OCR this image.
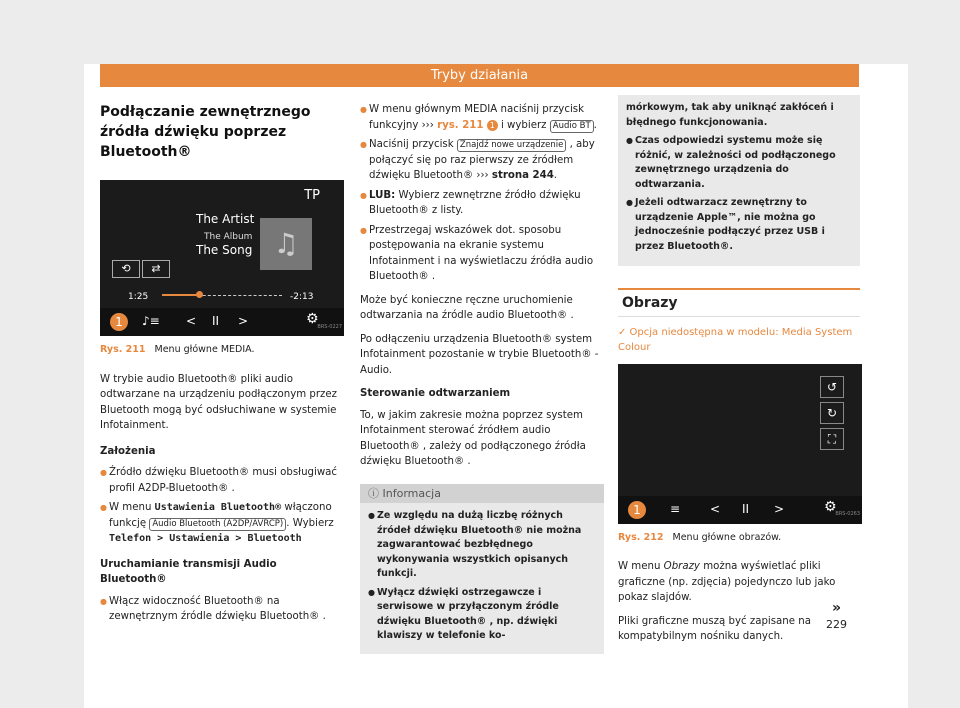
Tryby działania
Podłączanie zewnętrznego źródła dźwięku poprzez Bluetooth®
TP
The Artist
The Album
The Song ♫
⟲	⇄
1:25	-2:13
1	♪≡ < II >	⚙
BRS-0227
Rys. 211 Menu główne MEDIA.

W trybie audio Bluetooth® pliki audio odtwarzane na urządzeniu podłączonym przez Bluetooth mogą być odsłuchiwane w systemie Infotainment.

Założenia
● Źródło dźwięku Bluetooth® musi obsługiwać profil A2DP-Bluetooth® .
● W menu Ustawienia Bluetooth® włączono funkcję Audio Bluetooth (A2DP/AVRCP) . Wybierz Telefon > Ustawienia > Bluetooth
Uruchamianie transmisji Audio Bluetooth®
● Włącz widoczność Bluetooth® na zewnętrznym źródle dźwięku Bluetooth® .
● W menu głównym MEDIA naciśnij przycisk funkcyjny ››› rys. 211 1 i wybierz Audio BT .
● Naciśnij przycisk Znajdź nowe urządzenie , aby połączyć się po raz pierwszy ze źródłem dźwięku Bluetooth® ››› strona 244.
● LUB: Wybierz zewnętrzne źródło dźwięku Bluetooth® z listy.
● Przestrzegaj wskazówek dot. sposobu postępowania na ekranie systemu Infotainment i na wyświetlaczu źródła audio Bluetooth® .

Może być konieczne ręczne uruchomienie odtwarzania na źródle audio Bluetooth® .

Po odłączeniu urządzenia Bluetooth® system Infotainment pozostanie w trybie Bluetooth® - Audio.

Sterowanie odtwarzaniem

To, w jakim zakresie można poprzez system Infotainment sterować źródłem audio Bluetooth® , zależy od podłączonego źródła dźwięku Bluetooth® .

ⓘ Informacja
● Ze względu na dużą liczbę różnych źródeł dźwięku Bluetooth® nie można zagwarantować bezbłędnego wykonywania wszystkich opisanych funkcji.
● Wyłącz dźwięki ostrzegawcze i serwisowe w przyłączonym źródle dźwięku Bluetooth® , np. dźwięki klawiszy w telefonie ko-
mórkowym, tak aby uniknąć zakłóceń i błędnego funkcjonowania.
● Czas odpowiedzi systemu może się różnić, w zależności od podłączonego zewnętrznego urządzenia do odtwarzania.
● Jeżeli odtwarzacz zewnętrzny to urządzenie Apple™, nie można go jednocześnie podłączyć przez USB i przez Bluetooth®.
Obrazy
✓ Opcja niedostępna w modelu: Media System Colour
↺
↻
⛶
1	≡ < II >	⚙
BRS-0263
Rys. 212 Menu główne obrazów.

W menu Obrazy można wyświetlać pliki graficzne (np. zdjęcia) pojedynczo lub jako pokaz slajdów.

Pliki graficzne muszą być zapisane na kompatybilnym nośniku danych.

»
229
